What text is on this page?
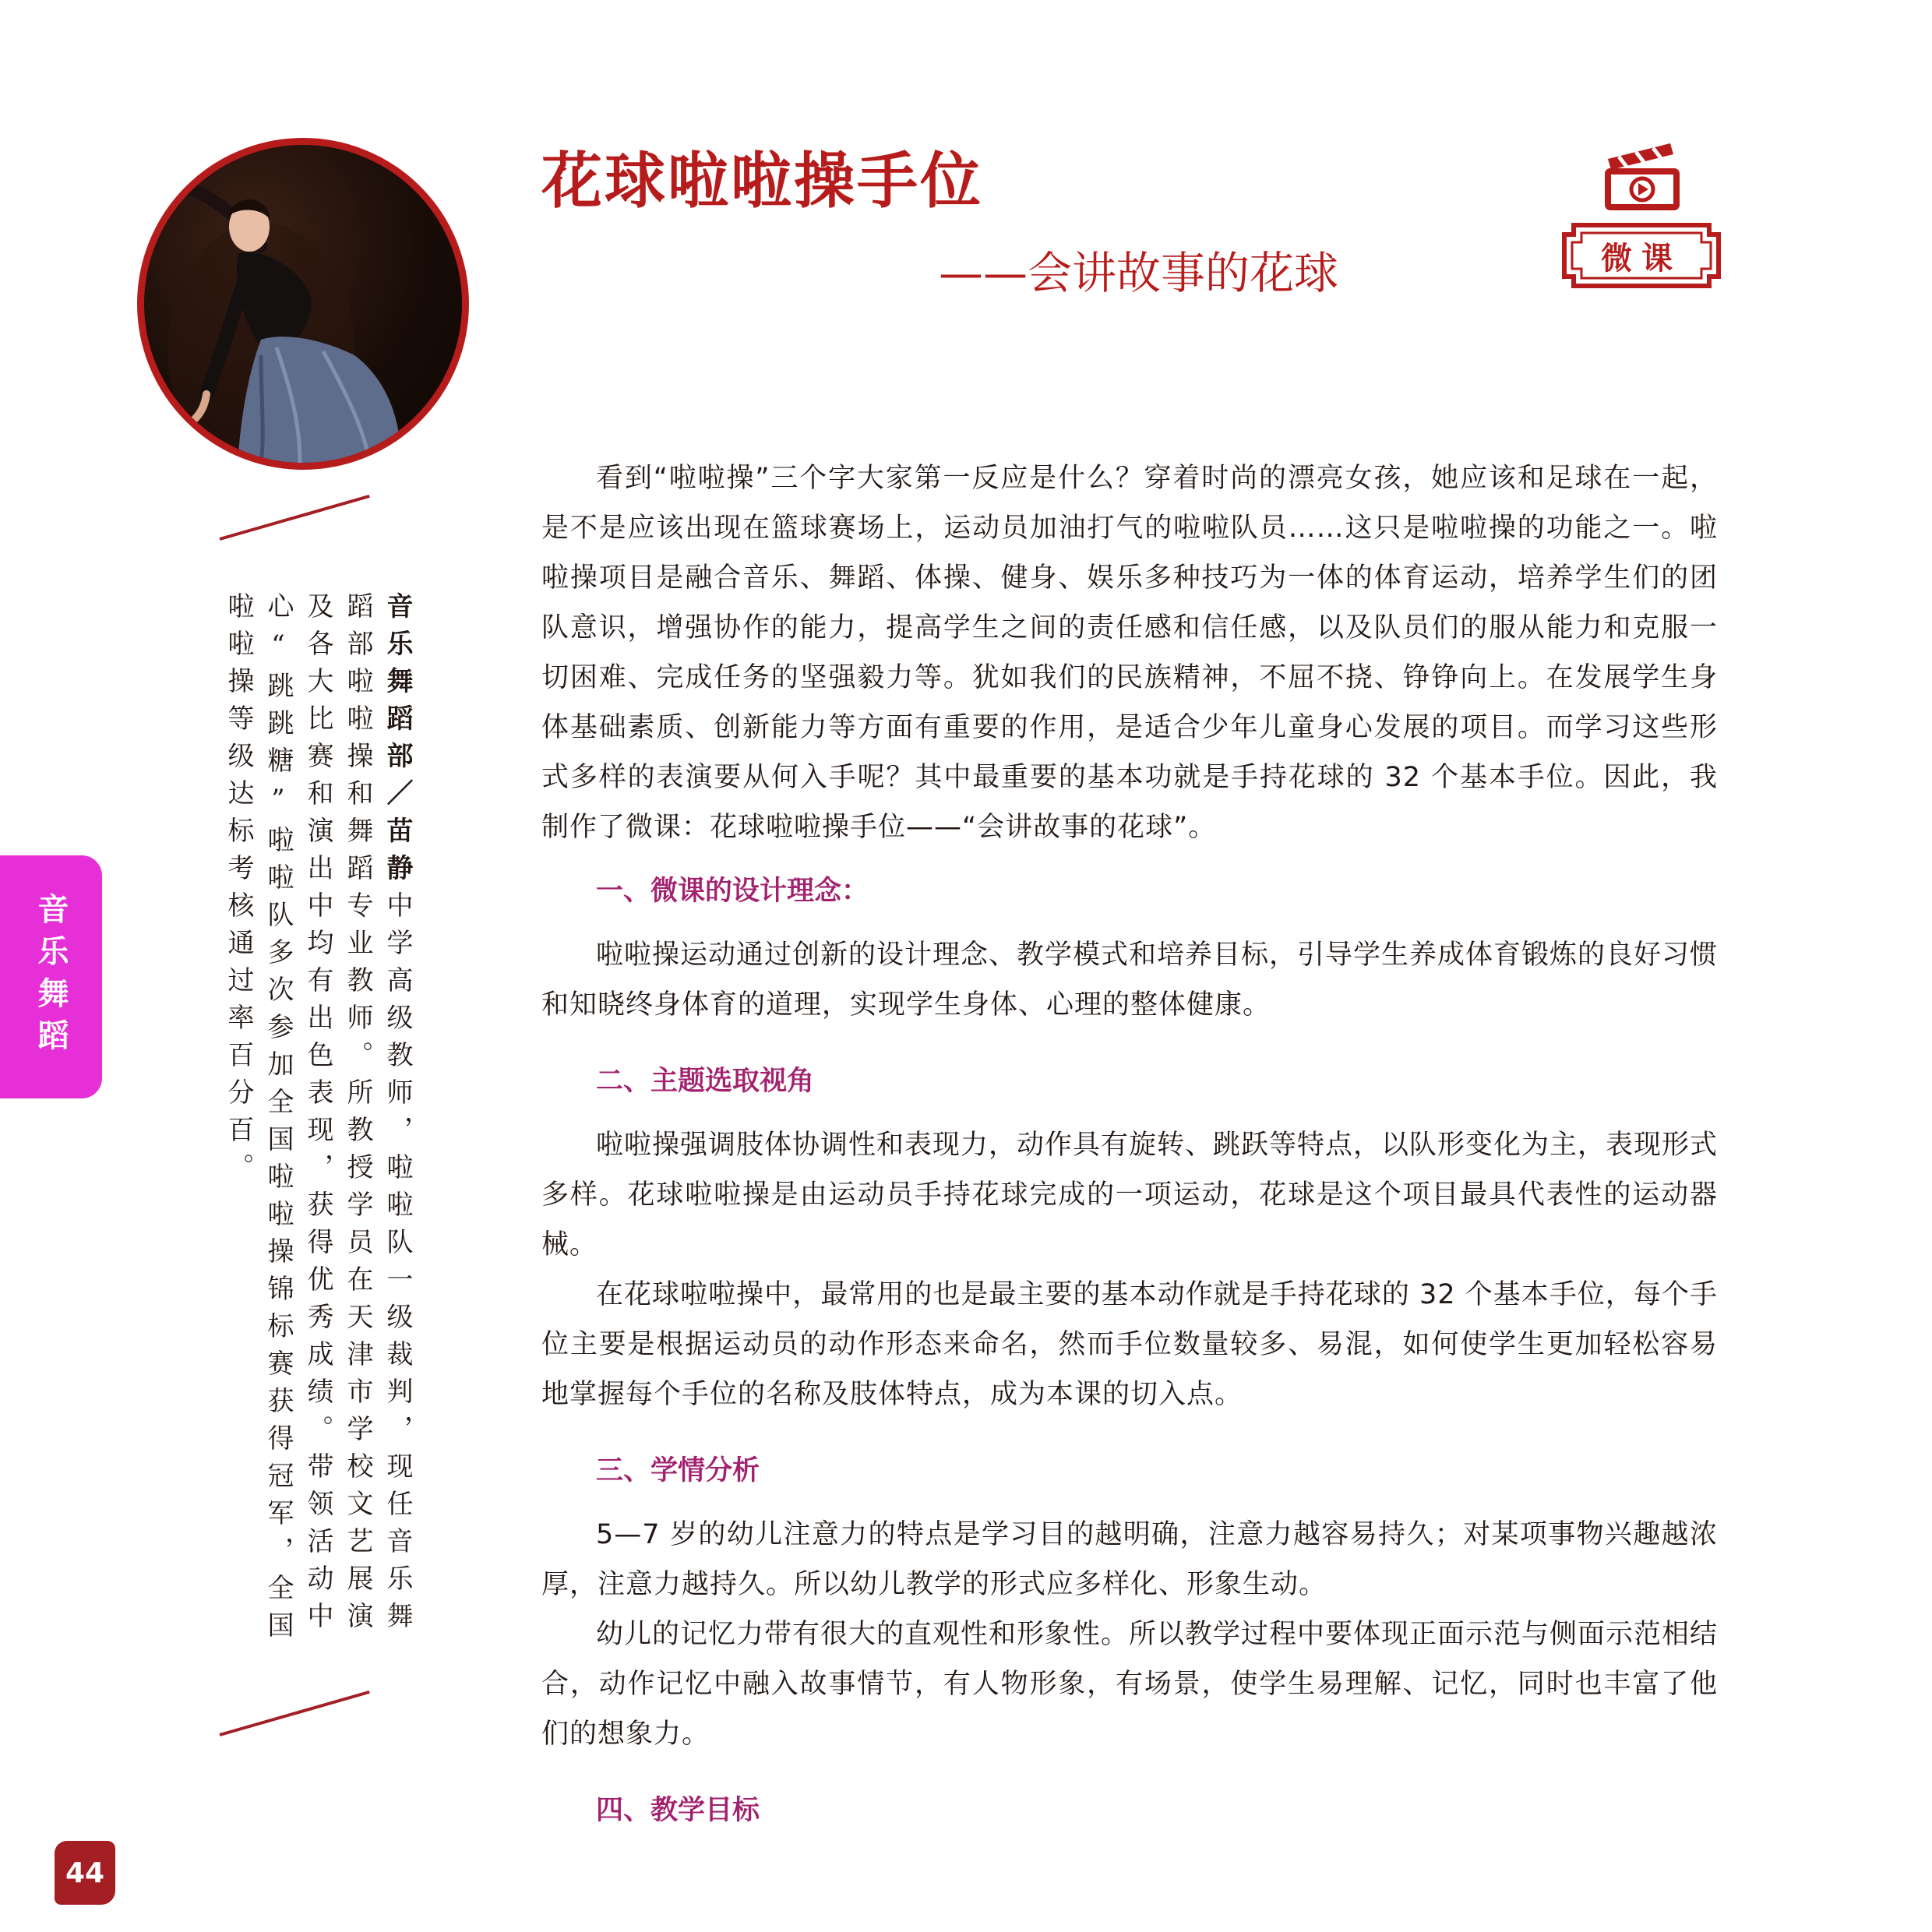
音乐舞蹈部／苗静中学高级教师，啦啦队一级裁判，现任音乐舞蹈部啦啦操和舞蹈专业教师。所教授学员在天津市学校文艺展演及各大比赛和演出中均有出色表现，获得优秀成绩。带领活动中心“跳跳糖”啦啦队多次参加全国啦啦操锦标赛获得冠军，全国啦啦操等级达标考核通过率百分百。
音乐舞蹈
44
花球啦啦操手位
——会讲故事的花球	微课

看到“啦啦操”三个字大家第一反应是什么？穿着时尚的漂亮女孩，她应该和足球在一起，是不是应该出现在篮球赛场上，运动员加油打气的啦啦队员……这只是啦啦操的功能之一。啦啦操项目是融合音乐、舞蹈、体操、健身、娱乐多种技巧为一体的体育运动，培养学生们的团队意识，增强协作的能力，提高学生之间的责任感和信任感，以及队员们的服从能力和克服一切困难、完成任务的坚强毅力等。犹如我们的民族精神，不屈不挠、铮铮向上。在发展学生身体基础素质、创新能力等方面有重要的作用，是适合少年儿童身心发展的项目。而学习这些形式多样的表演要从何入手呢？其中最重要的基本功就是手持花球的 32 个基本手位。因此，我制作了微课：花球啦啦操手位——“会讲故事的花球”。

一、微课的设计理念：

啦啦操运动通过创新的设计理念、教学模式和培养目标，引导学生养成体育锻炼的良好习惯和知晓终身体育的道理，实现学生身体、心理的整体健康。

二、主题选取视角

啦啦操强调肢体协调性和表现力，动作具有旋转、跳跃等特点，以队形变化为主，表现形式多样。花球啦啦操是由运动员手持花球完成的一项运动，花球是这个项目最具代表性的运动器械。

在花球啦啦操中，最常用的也是最主要的基本动作就是手持花球的 32 个基本手位，每个手位主要是根据运动员的动作形态来命名，然而手位数量较多、易混，如何使学生更加轻松容易地掌握每个手位的名称及肢体特点，成为本课的切入点。

三、学情分析

5—7 岁的幼儿注意力的特点是学习目的越明确，注意力越容易持久；对某项事物兴趣越浓厚，注意力越持久。所以幼儿教学的形式应多样化、形象生动。

幼儿的记忆力带有很大的直观性和形象性。所以教学过程中要体现正面示范与侧面示范相结合，动作记忆中融入故事情节，有人物形象，有场景，使学生易理解、记忆，同时也丰富了他们的想象力。

四、教学目标
